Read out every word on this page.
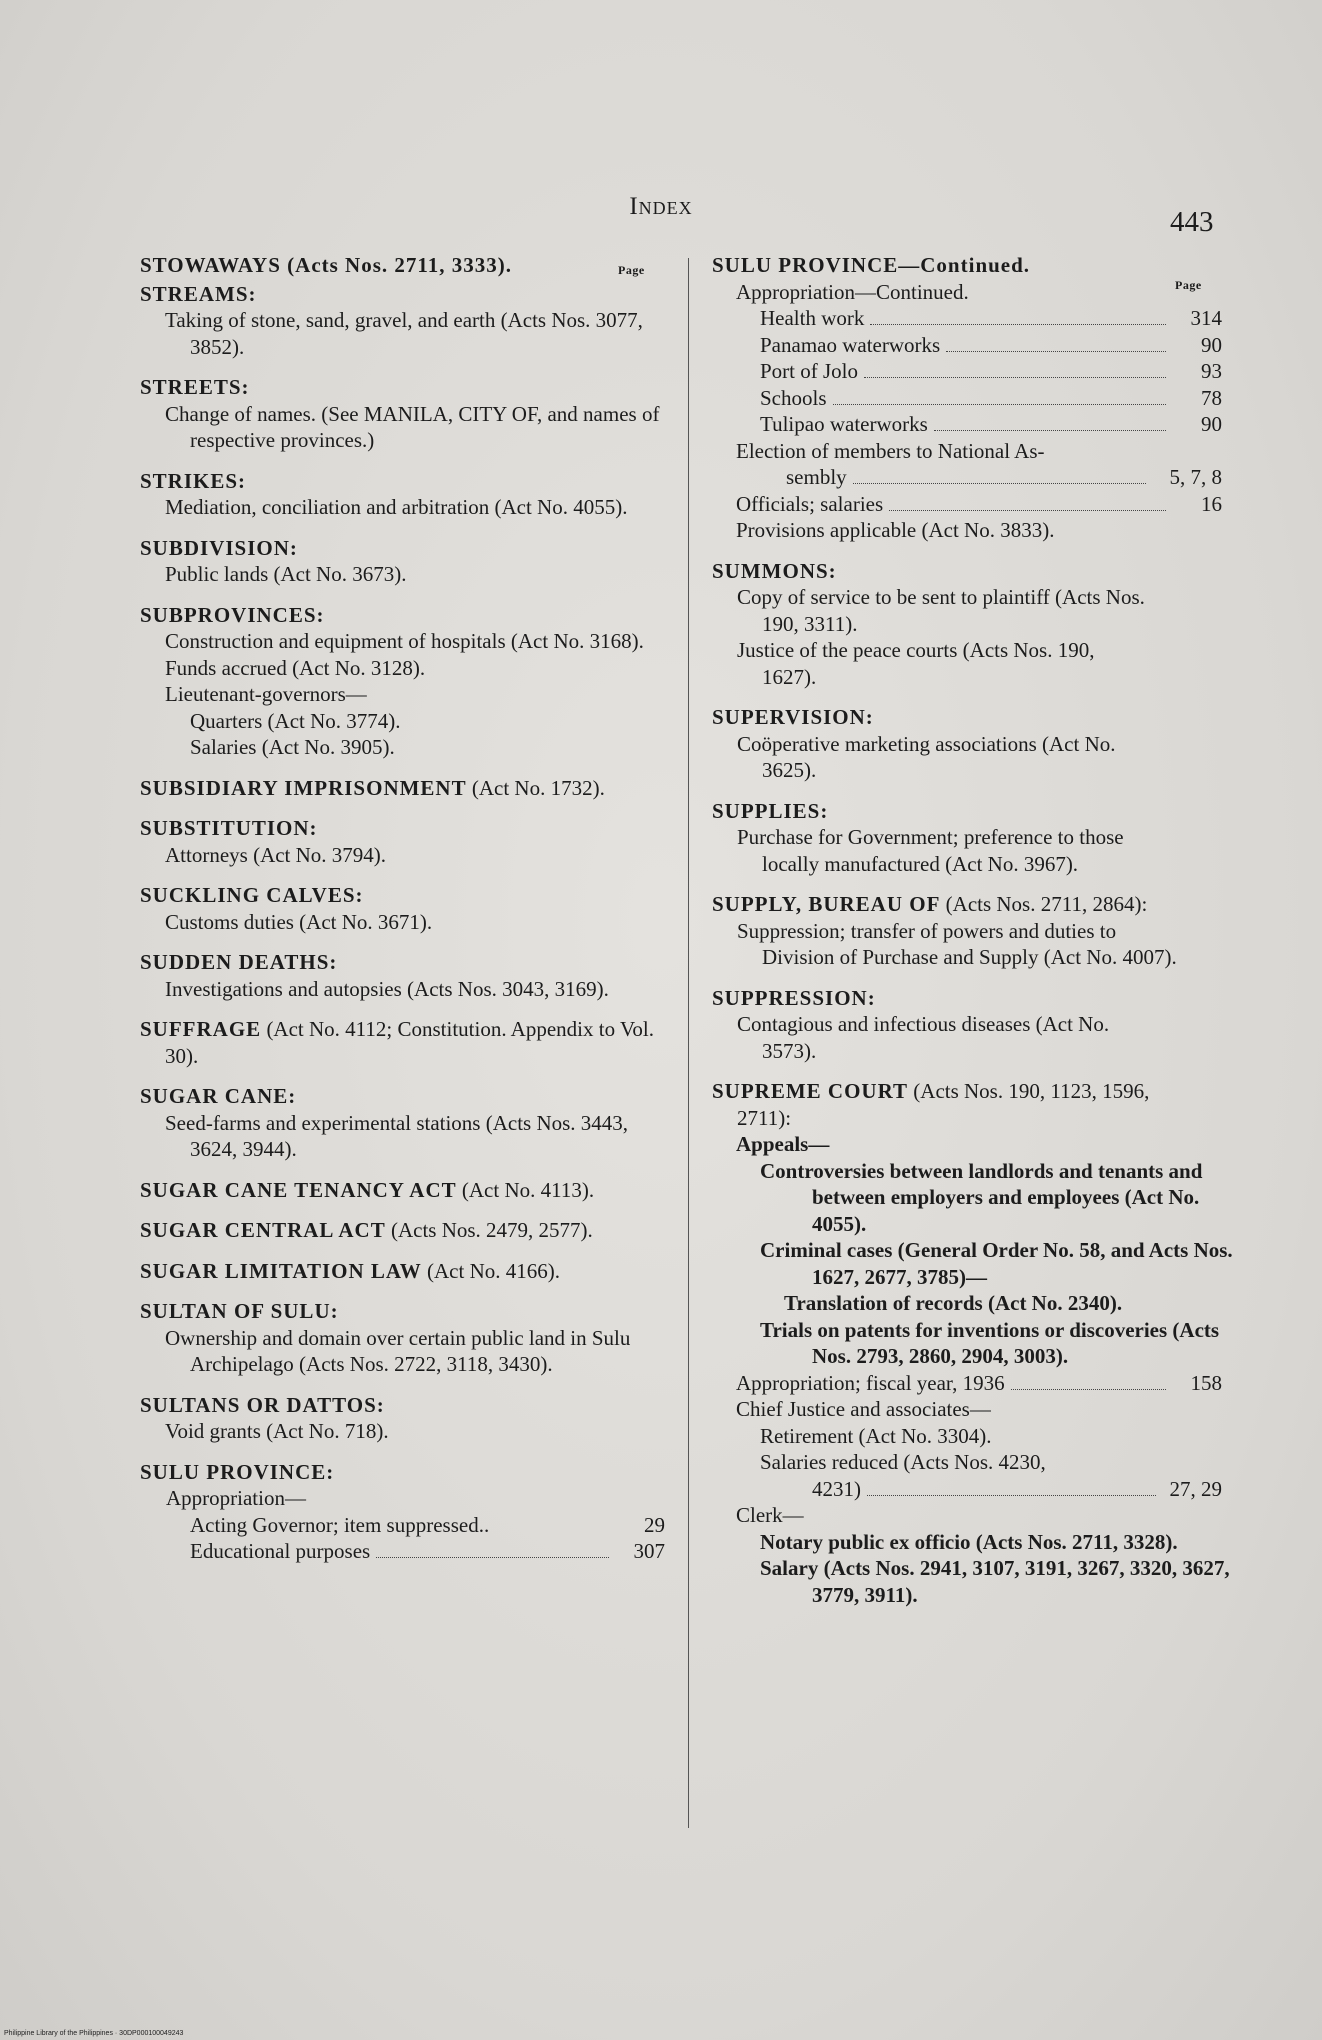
Index	443
Page
Page
STOWAWAYS (Acts Nos. 2711, 3333).
STREAMS:
Taking of stone, sand, gravel, and earth (Acts Nos. 3077, 3852).
STREETS:
Change of names. (See MANILA, CITY OF, and names of respective provinces.)
STRIKES:
Mediation, conciliation and arbitration (Act No. 4055).
SUBDIVISION:
Public lands (Act No. 3673).
SUBPROVINCES:
Construction and equipment of hospitals (Act No. 3168).
Funds accrued (Act No. 3128).
Lieutenant-governors—
Quarters (Act No. 3774).
Salaries (Act No. 3905).
SUBSIDIARY IMPRISONMENT (Act No. 1732).
SUBSTITUTION:
Attorneys (Act No. 3794).
SUCKLING CALVES:
Customs duties (Act No. 3671).
SUDDEN DEATHS:
Investigations and autopsies (Acts Nos. 3043, 3169).
SUFFRAGE (Act No. 4112; Constitution. Appendix to Vol. 30).
SUGAR CANE:
Seed-farms and experimental stations (Acts Nos. 3443, 3624, 3944).
SUGAR CANE TENANCY ACT (Act No. 4113).
SUGAR CENTRAL ACT (Acts Nos. 2479, 2577).
SUGAR LIMITATION LAW (Act No. 4166).
SULTAN OF SULU:
Ownership and domain over certain public land in Sulu Archipelago (Acts Nos. 2722, 3118, 3430).
SULTANS OR DATTOS:
Void grants (Act No. 718).
SULU PROVINCE:
Appropriation—
Acting Governor; item suppressed..	29
Educational purposes	307
SULU PROVINCE—Continued.
Appropriation—Continued.
Health work	314
Panamao waterworks	90
Port of Jolo	93
Schools	78
Tulipao waterworks	90
Election of members to National As-
sembly	5, 7, 8
Officials; salaries	16
Provisions applicable (Act No. 3833).
SUMMONS:
Copy of service to be sent to plaintiff (Acts Nos. 190, 3311).
Justice of the peace courts (Acts Nos. 190, 1627).
SUPERVISION:
Coöperative marketing associations (Act No. 3625).
SUPPLIES:
Purchase for Government; preference to those locally manufactured (Act No. 3967).
SUPPLY, BUREAU OF (Acts Nos. 2711, 2864):
Suppression; transfer of powers and duties to Division of Purchase and Supply (Act No. 4007).
SUPPRESSION:
Contagious and infectious diseases (Act No. 3573).
SUPREME COURT (Acts Nos. 190, 1123, 1596, 2711):
Appeals—
Controversies between landlords and tenants and between employers and employees (Act No. 4055).
Criminal cases (General Order No. 58, and Acts Nos. 1627, 2677, 3785)—
Translation of records (Act No. 2340).
Trials on patents for inventions or discoveries (Acts Nos. 2793, 2860, 2904, 3003).
Appropriation; fiscal year, 1936	158
Chief Justice and associates—
Retirement (Act No. 3304).
Salaries reduced (Acts Nos. 4230,
4231)	27, 29
Clerk—
Notary public ex officio (Acts Nos. 2711, 3328).
Salary (Acts Nos. 2941, 3107, 3191, 3267, 3320, 3627, 3779, 3911).
Philippine Library of the Philippines · 30DP000100049243
